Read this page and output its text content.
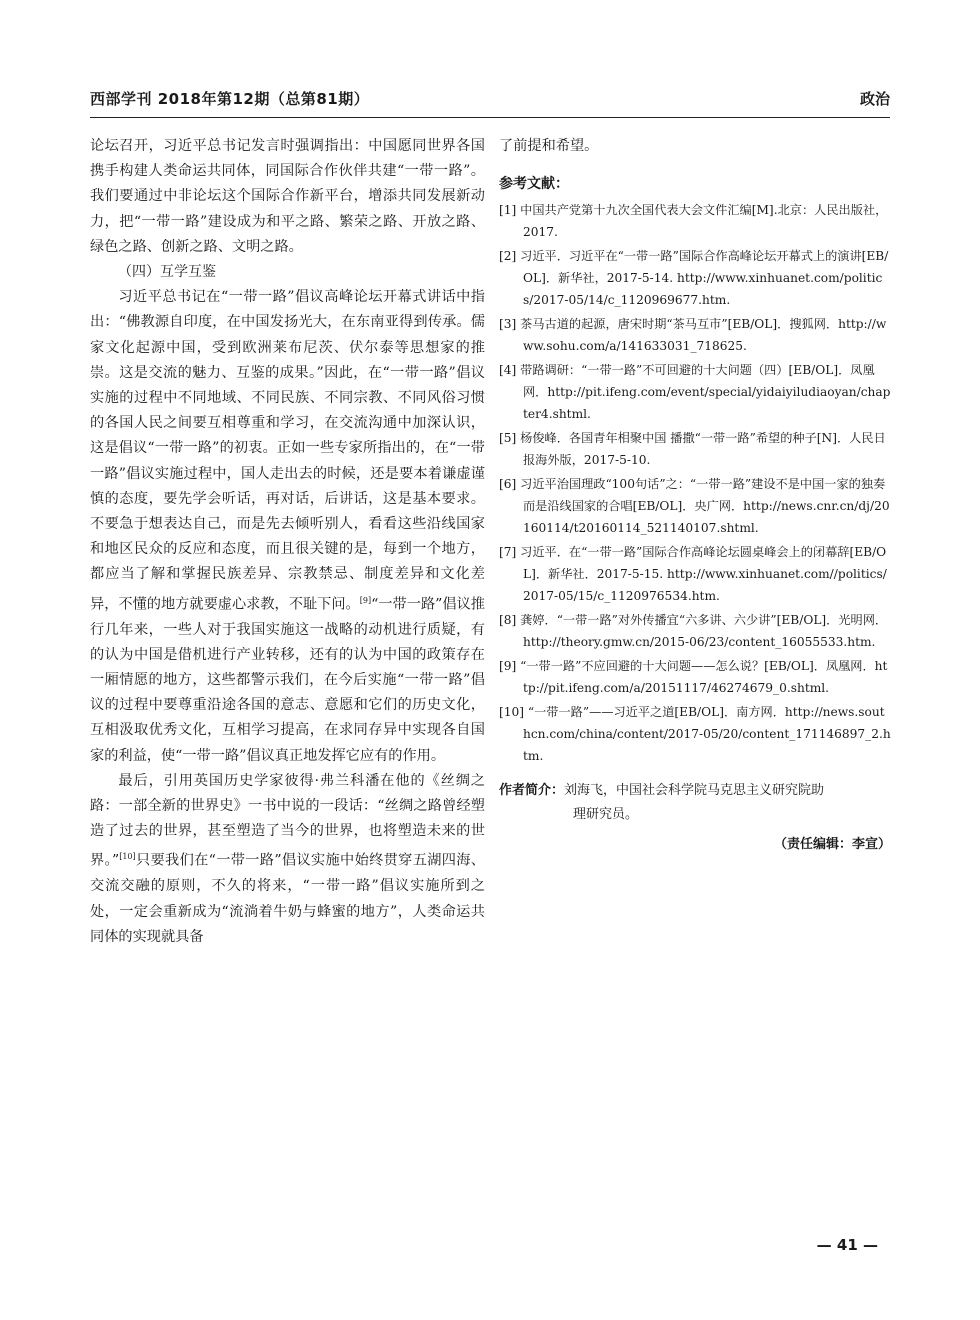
西部学刊 2018年第12期（总第81期）	政治

论坛召开，习近平总书记发言时强调指出：中国愿同世界各国携手构建人类命运共同体，同国际合作伙伴共建“一带一路”。我们要通过中非论坛这个国际合作新平台，增添共同发展新动力，把“一带一路”建设成为和平之路、繁荣之路、开放之路、绿色之路、创新之路、文明之路。

（四）互学互鉴

习近平总书记在“一带一路”倡议高峰论坛开幕式讲话中指出：“佛教源自印度，在中国发扬光大，在东南亚得到传承。儒家文化起源中国，受到欧洲莱布尼茨、伏尔泰等思想家的推崇。这是交流的魅力、互鉴的成果。”因此，在“一带一路”倡议实施的过程中不同地域、不同民族、不同宗教、不同风俗习惯的各国人民之间要互相尊重和学习，在交流沟通中加深认识，这是倡议“一带一路”的初衷。正如一些专家所指出的，在“一带一路”倡议实施过程中，国人走出去的时候，还是要本着谦虚谨慎的态度，要先学会听话，再对话，后讲话，这是基本要求。不要急于想表达自己，而是先去倾听别人，看看这些沿线国家和地区民众的反应和态度，而且很关键的是，每到一个地方，都应当了解和掌握民族差异、宗教禁忌、制度差异和文化差异，不懂的地方就要虚心求教，不耻下问。[9]“一带一路”倡议推行几年来，一些人对于我国实施这一战略的动机进行质疑，有的认为中国是借机进行产业转移，还有的认为中国的政策存在一厢情愿的地方，这些都警示我们，在今后实施“一带一路”倡议的过程中要尊重沿途各国的意志、意愿和它们的历史文化，互相汲取优秀文化，互相学习提高，在求同存异中实现各自国家的利益，使“一带一路”倡议真正地发挥它应有的作用。

最后，引用英国历史学家彼得·弗兰科潘在他的《丝绸之路：一部全新的世界史》一书中说的一段话：“丝绸之路曾经塑造了过去的世界，甚至塑造了当今的世界，也将塑造未来的世界。”[10]只要我们在“一带一路”倡议实施中始终贯穿五湖四海、交流交融的原则，不久的将来，“一带一路”倡议实施所到之处，一定会重新成为“流淌着牛奶与蜂蜜的地方”，人类命运共同体的实现就具备

了前提和希望。

参考文献：
[1] 中国共产党第十九次全国代表大会文件汇编[M].北京：人民出版社，2017.
[2] 习近平．习近平在“一带一路”国际合作高峰论坛开幕式上的演讲[EB/OL]．新华社，2017-5-14. http://www.xinhuanet.com/politics/2017-05/14/c_1120969677.htm.
[3] 茶马古道的起源，唐宋时期“茶马互市”[EB/OL]．搜狐网．http://www.sohu.com/a/141633031_718625.
[4] 带路调研：“一带一路”不可回避的十大问题（四）[EB/OL]．凤凰网．http://pit.ifeng.com/event/special/yidaiyiludiaoyan/chapter4.shtml.
[5] 杨俊峰．各国青年相聚中国 播撒“一带一路”希望的种子[N]．人民日报海外版，2017-5-10.
[6] 习近平治国理政“100句话”之：“一带一路”建设不是中国一家的独奏 而是沿线国家的合唱[EB/OL]．央广网．http://news.cnr.cn/dj/20160114/t20160114_521140107.shtml.
[7] 习近平．在“一带一路”国际合作高峰论坛圆桌峰会上的闭幕辞[EB/OL]．新华社．2017-5-15. http://www.xinhuanet.com//politics/2017-05/15/c_1120976534.htm.
[8] 龚婷．“一带一路”对外传播宜“六多讲、六少讲”[EB/OL]．光明网．http://theory.gmw.cn/2015-06/23/content_16055533.htm.
[9] “一带一路”不应回避的十大问题——怎么说？[EB/OL]．凤凰网．http://pit.ifeng.com/a/20151117/46274679_0.shtml.
[10] “一带一路”——习近平之道[EB/OL]．南方网．http://news.southcn.com/china/content/2017-05/20/content_171146897_2.htm.
作者简介：刘海飞，中国社会科学院马克思主义研究院助
理研究员。
（责任编辑：李宣）
— 41 —
